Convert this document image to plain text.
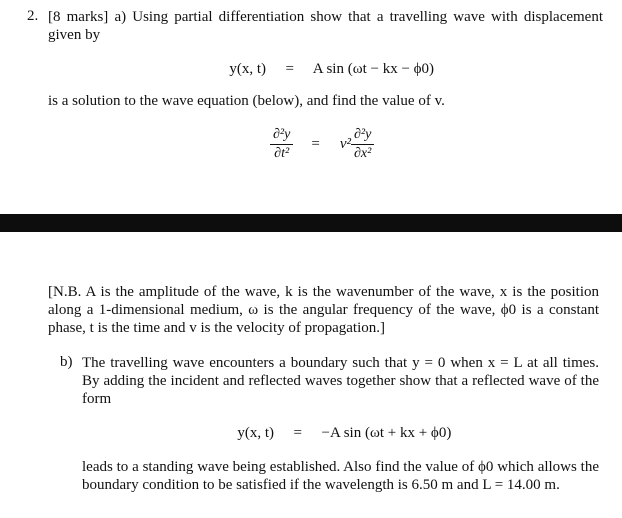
2. [8 marks] a) Using partial differentiation show that a travelling wave with displacement given by
y(x, t) = A sin (ωt − kx − ϕ0)
is a solution to the wave equation (below), and find the value of v.
$\frac{\text{∂²y}}{\text{∂t²}} = v^2 \frac{\text{∂²y}}{\text{∂x²}}$
[N.B. A is the amplitude of the wave, k is the wavenumber of the wave, x is the position along a 1-dimensional medium, ω is the angular frequency of the wave, ϕ0 is a constant phase, t is the time and v is the velocity of propagation.]
b) The travelling wave encounters a boundary such that y = 0 when x = L at all times. By adding the incident and reflected waves together show that a reflected wave of the form
y(x, t) = −A sin (ωt + kx + ϕ0)
leads to a standing wave being established. Also find the value of ϕ0 which allows the boundary condition to be satisfied if the wavelength is 6.50 m and L = 14.00 m.
